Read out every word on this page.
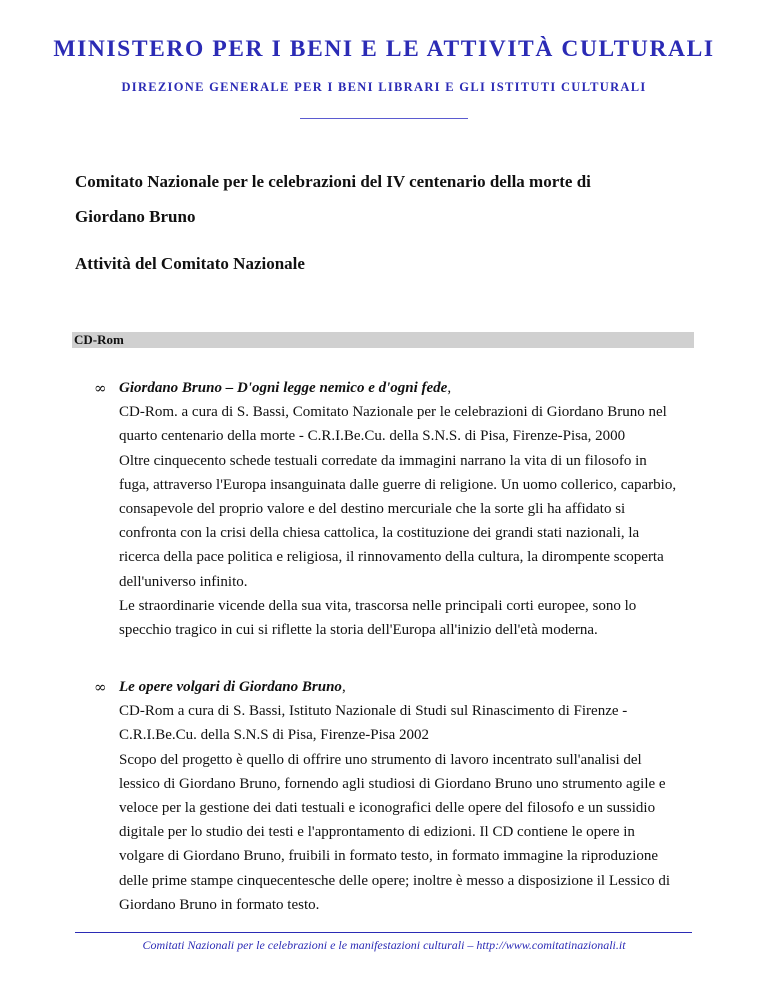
MINISTERO PER I BENI E LE ATTIVITÀ CULTURALI
DIREZIONE GENERALE PER I BENI LIBRARI E GLI ISTITUTI CULTURALI
Comitato Nazionale per le celebrazioni del IV centenario della morte di
Giordano Bruno
Attività del Comitato Nazionale
CD-Rom
∞ Giordano Bruno – D'ogni legge nemico e d'ogni fede,
CD-Rom. a cura di S. Bassi, Comitato Nazionale per le celebrazioni di Giordano Bruno nel
quarto centenario della morte - C.R.I.Be.Cu. della S.N.S. di Pisa, Firenze-Pisa, 2000
Oltre cinquecento schede testuali corredate da immagini narrano la vita di un filosofo in
fuga, attraverso l'Europa insanguinata dalle guerre di religione. Un uomo collerico, caparbio,
consapevole del proprio valore e del destino mercuriale che la sorte gli ha affidato si
confronta con la crisi della chiesa cattolica, la costituzione dei grandi stati nazionali, la
ricerca della pace politica e religiosa, il rinnovamento della cultura, la dirompente scoperta
dell'universo infinito.
Le straordinarie vicende della sua vita, trascorsa nelle principali corti europee, sono lo
specchio tragico in cui si riflette la storia dell'Europa all'inizio dell'età moderna.
∞ Le opere volgari di Giordano Bruno,
CD-Rom a cura di S. Bassi, Istituto Nazionale di Studi sul Rinascimento di Firenze -
C.R.I.Be.Cu. della S.N.S di Pisa, Firenze-Pisa 2002
Scopo del progetto è quello di offrire uno strumento di lavoro incentrato sull'analisi del
lessico di Giordano Bruno, fornendo agli studiosi di Giordano Bruno uno strumento agile e
veloce per la gestione dei dati testuali e iconografici delle opere del filosofo e un sussidio
digitale per lo studio dei testi e l'approntamento di edizioni. Il CD contiene le opere in
volgare di Giordano Bruno, fruibili in formato testo, in formato immagine la riproduzione
delle prime stampe cinquecentesche delle opere; inoltre è messo a disposizione il Lessico di
Giordano Bruno in formato testo.
Comitati Nazionali per le celebrazioni e le manifestazioni culturali – http://www.comitatinazionali.it
